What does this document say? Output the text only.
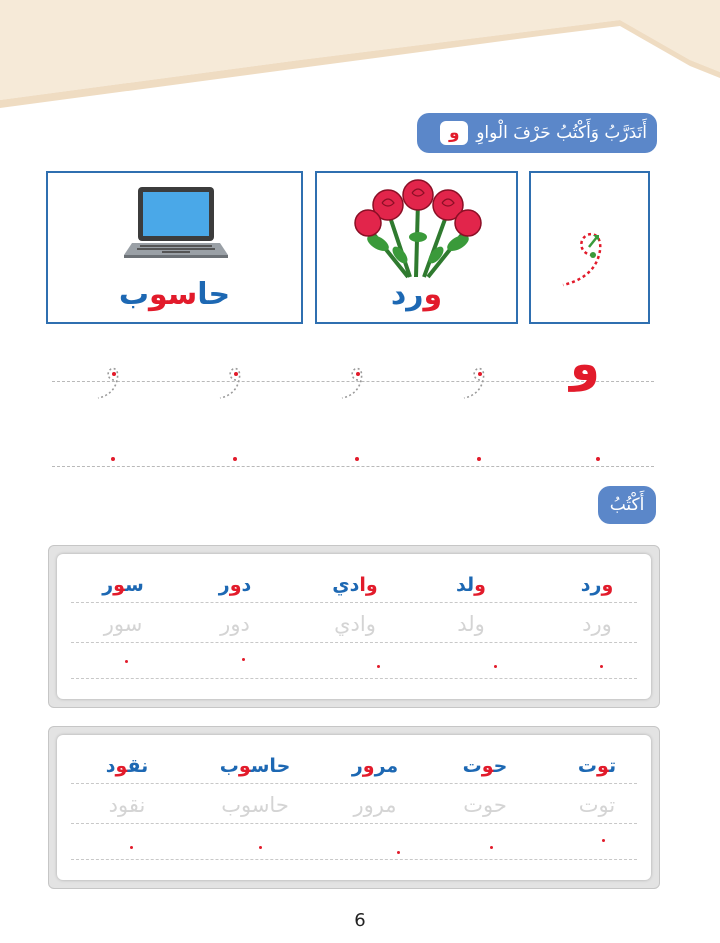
أَتَدَرَّبُ وَأَكْتُبُ حَرْفَ الْواوِ
و
حاسوب	ورد
و
أَكْتُبُ
ورد
ولد
وادي
دور
سور
ورد
ولد
وادي
دور
سور
توت
حوت
مرور
حاسوب
نقود
توت
حوت
مرور
حاسوب
نقود
6
